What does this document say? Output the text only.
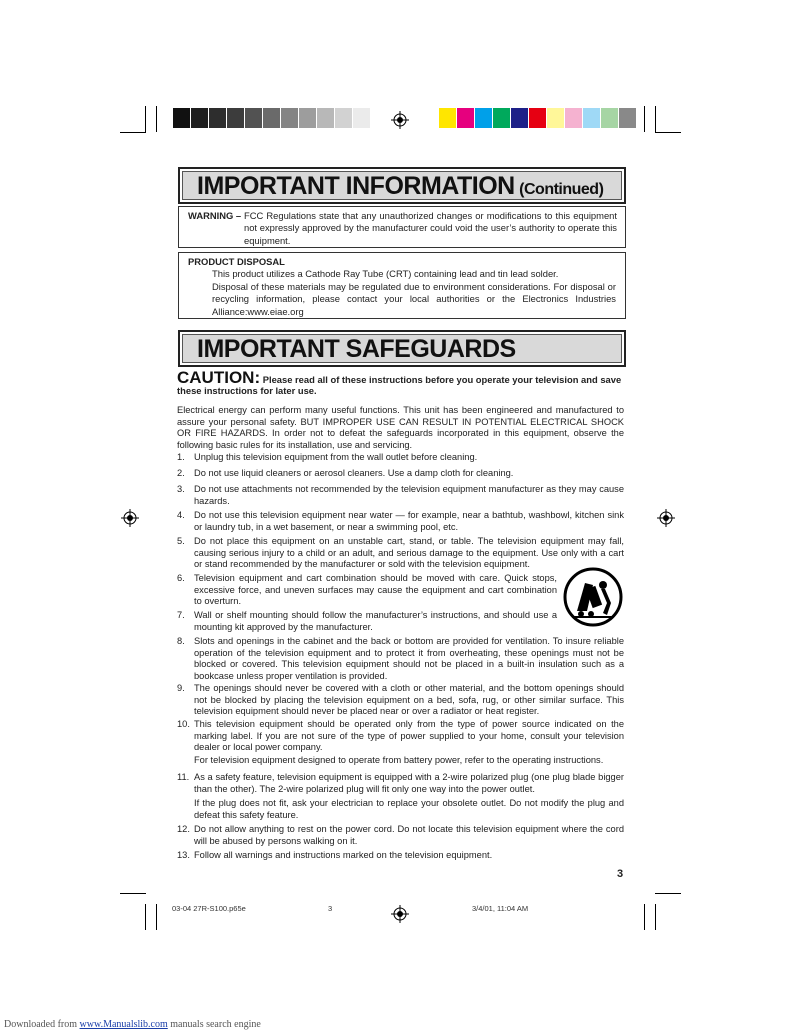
IMPORTANT INFORMATION (Continued)
WARNING – FCC Regulations state that any unauthorized changes or modifications to this equipment not expressly approved by the manufacturer could void the user’s authority to operate this equipment.
PRODUCT DISPOSAL
This product utilizes a Cathode Ray Tube (CRT) containing lead and tin lead solder.
Disposal of these materials may be regulated due to environment considerations. For disposal or recycling information, please contact your local authorities or the Electronics Industries Alliance:www.eiae.org
IMPORTANT SAFEGUARDS
CAUTION: Please read all of these instructions before you operate your television and save these instructions for later use.
Electrical energy can perform many useful functions. This unit has been engineered and manufactured to assure your personal safety. BUT IMPROPER USE CAN RESULT IN POTENTIAL ELECTRICAL SHOCK OR FIRE HAZARDS. In order not to defeat the safeguards incorporated in this equipment, observe the following basic rules for its installation, use and servicing.
1. Unplug this television equipment from the wall outlet before cleaning.
2. Do not use liquid cleaners or aerosol cleaners. Use a damp cloth for cleaning.
3. Do not use attachments not recommended by the television equipment manufacturer as they may cause hazards.
4. Do not use this television equipment near water — for example, near a bathtub, washbowl, kitchen sink or laundry tub, in a wet basement, or near a swimming pool, etc.
5. Do not place this equipment on an unstable cart, stand, or table. The television equipment may fall, causing serious injury to a child or an adult, and serious damage to the equipment. Use only with a cart or stand recommended by the manufacturer or sold with the television equipment.
6. Television equipment and cart combination should be moved with care. Quick stops, excessive force, and uneven surfaces may cause the equipment and cart combination to overturn.
7. Wall or shelf mounting should follow the manufacturer’s instructions, and should use a mounting kit approved by the manufacturer.
8. Slots and openings in the cabinet and the back or bottom are provided for ventilation. To insure reliable operation of the television equipment and to protect it from overheating, these openings must not be blocked or covered. This television equipment should not be placed in a built-in insulation such as a bookcase unless proper ventilation is provided.
9. The openings should never be covered with a cloth or other material, and the bottom openings should not be blocked by placing the television equipment on a bed, sofa, rug, or other similar surface. This television equipment should never be placed near or over a radiator or heat register.
10. This television equipment should be operated only from the type of power source indicated on the marking label. If you are not sure of the type of power supplied to your home, consult your television dealer or local power company.
For television equipment designed to operate from battery power, refer to the operating instructions.
11. As a safety feature, television equipment is equipped with a 2-wire polarized plug (one plug blade bigger than the other). The 2-wire polarized plug will fit only one way into the power outlet.
If the plug does not fit, ask your electrician to replace your obsolete outlet. Do not modify the plug and defeat this safety feature.
12. Do not allow anything to rest on the power cord. Do not locate this television equipment where the cord will be abused by persons walking on it.
13. Follow all warnings and instructions marked on the television equipment.
3
03-04 27R-S100.p65e	3	3/4/01, 11:04 AM
Downloaded from www.Manualslib.com manuals search engine
